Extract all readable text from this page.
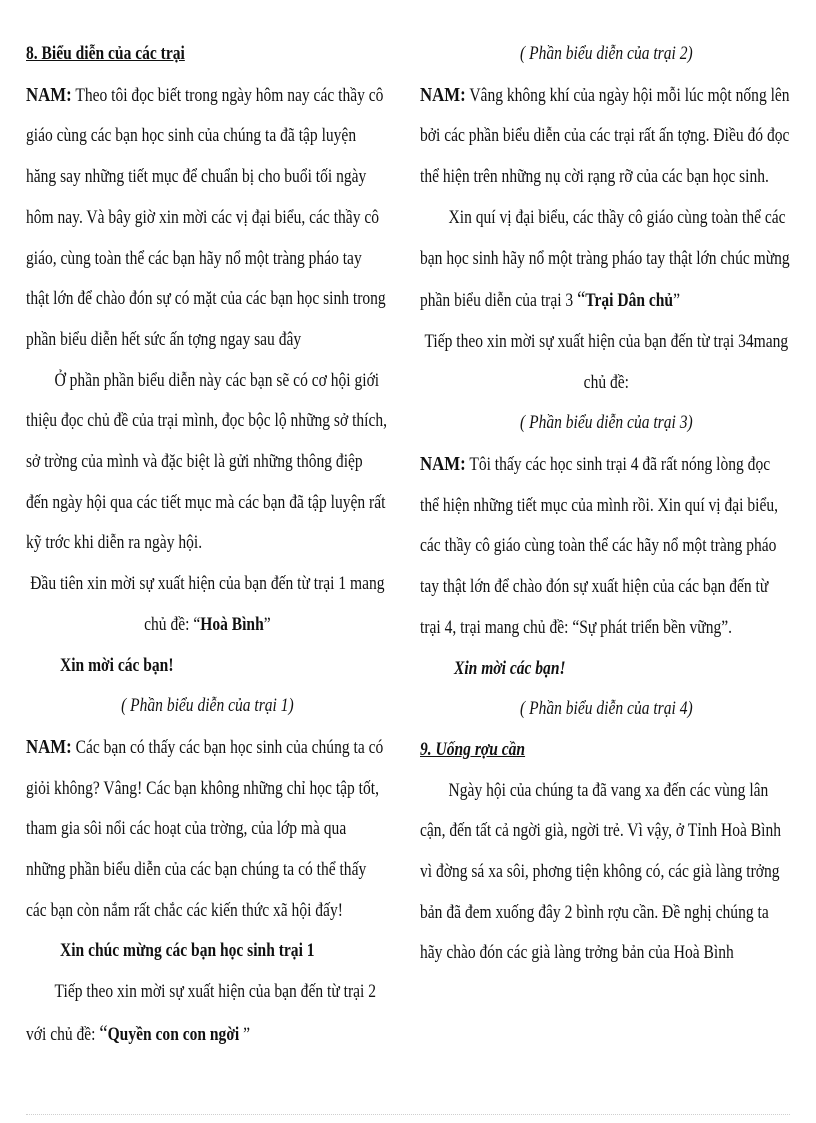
8. Biểu diễn của các trại

NAM: Theo tôi đọc biết trong ngày hôm nay các thầy cô giáo cùng các bạn học sinh của chúng ta đã tập luyện hăng say những tiết mục để chuẩn bị cho buổi tối ngày hôm nay. Và bây giờ xin mời các vị đại biểu, các thầy cô giáo, cùng toàn thể các bạn hãy nổ một tràng pháo tay thật lớn để chào đón sự có mặt của các bạn học sinh trong phần biểu diễn hết sức ấn tợng ngay sau đây

Ở phần phần biểu diễn này các bạn sẽ có cơ hội giới thiệu đọc chủ đề của trại mình, đọc bộc lộ những sở thích, sở trờng của mình và đặc biệt là gửi những thông điệp đến ngày hội qua các tiết mục mà các bạn đã tập luyện rất kỹ trớc khi diễn ra ngày hội.

Đầu tiên xin mời sự xuất hiện của bạn đến từ trại 1 mang chủ đề: “Hoà Bình”

Xin mời các bạn!

( Phần biểu diễn của trại 1)

NAM: Các bạn có thấy các bạn học sinh của chúng ta có giỏi không? Vâng! Các bạn không những chỉ học tập tốt, tham gia sôi nổi các hoạt của trờng, của lớp mà qua những phần biểu diễn của các bạn chúng ta có thể thấy các bạn còn nắm rất chắc các kiến thức xã hội đấy!

Xin chúc mừng các bạn học sinh trại 1

Tiếp theo xin mời sự xuất hiện của bạn đến từ trại 2 với chủ đề: “Quyền con con ngời ”

( Phần biểu diễn của trại 2)

NAM: Vâng không khí của ngày hội mỗi lúc một nống lên bởi các phần biểu diễn của các trại rất ấn tợng. Điều đó đọc thể hiện trên những nụ cời rạng rỡ của các bạn học sinh.

Xin quí vị đại biểu, các thầy cô giáo cùng toàn thể các bạn học sinh hãy nổ một tràng pháo tay thật lớn chúc mừng phần biểu diễn của trại 3 “Trại Dân chủ”

Tiếp theo xin mời sự xuất hiện của bạn đến từ trại 34mang chủ đề:

( Phần biểu diễn của trại 3)

NAM: Tôi thấy các học sinh trại 4 đã rất nóng lòng đọc thể hiện những tiết mục của mình rồi. Xin quí vị đại biểu, các thầy cô giáo cùng toàn thể các hãy nổ một tràng pháo tay thật lớn để chào đón sự xuất hiện của các bạn đến từ trại 4, trại mang chủ đề: “Sự phát triển bền vững”.

Xin mời các bạn!

( Phần biểu diễn của trại 4)

9. Uống rợu cần

Ngày hội của chúng ta đã vang xa đến các vùng lân cận, đến tất cả ngời già, ngời trẻ. Vì vậy, ở Tỉnh Hoà Bình vì đờng sá xa sôi, phơng tiện không có, các già làng trởng bản đã đem xuống đây 2 bình rợu cần. Đề nghị chúng ta hãy chào đón các già làng trởng bản của Hoà Bình
